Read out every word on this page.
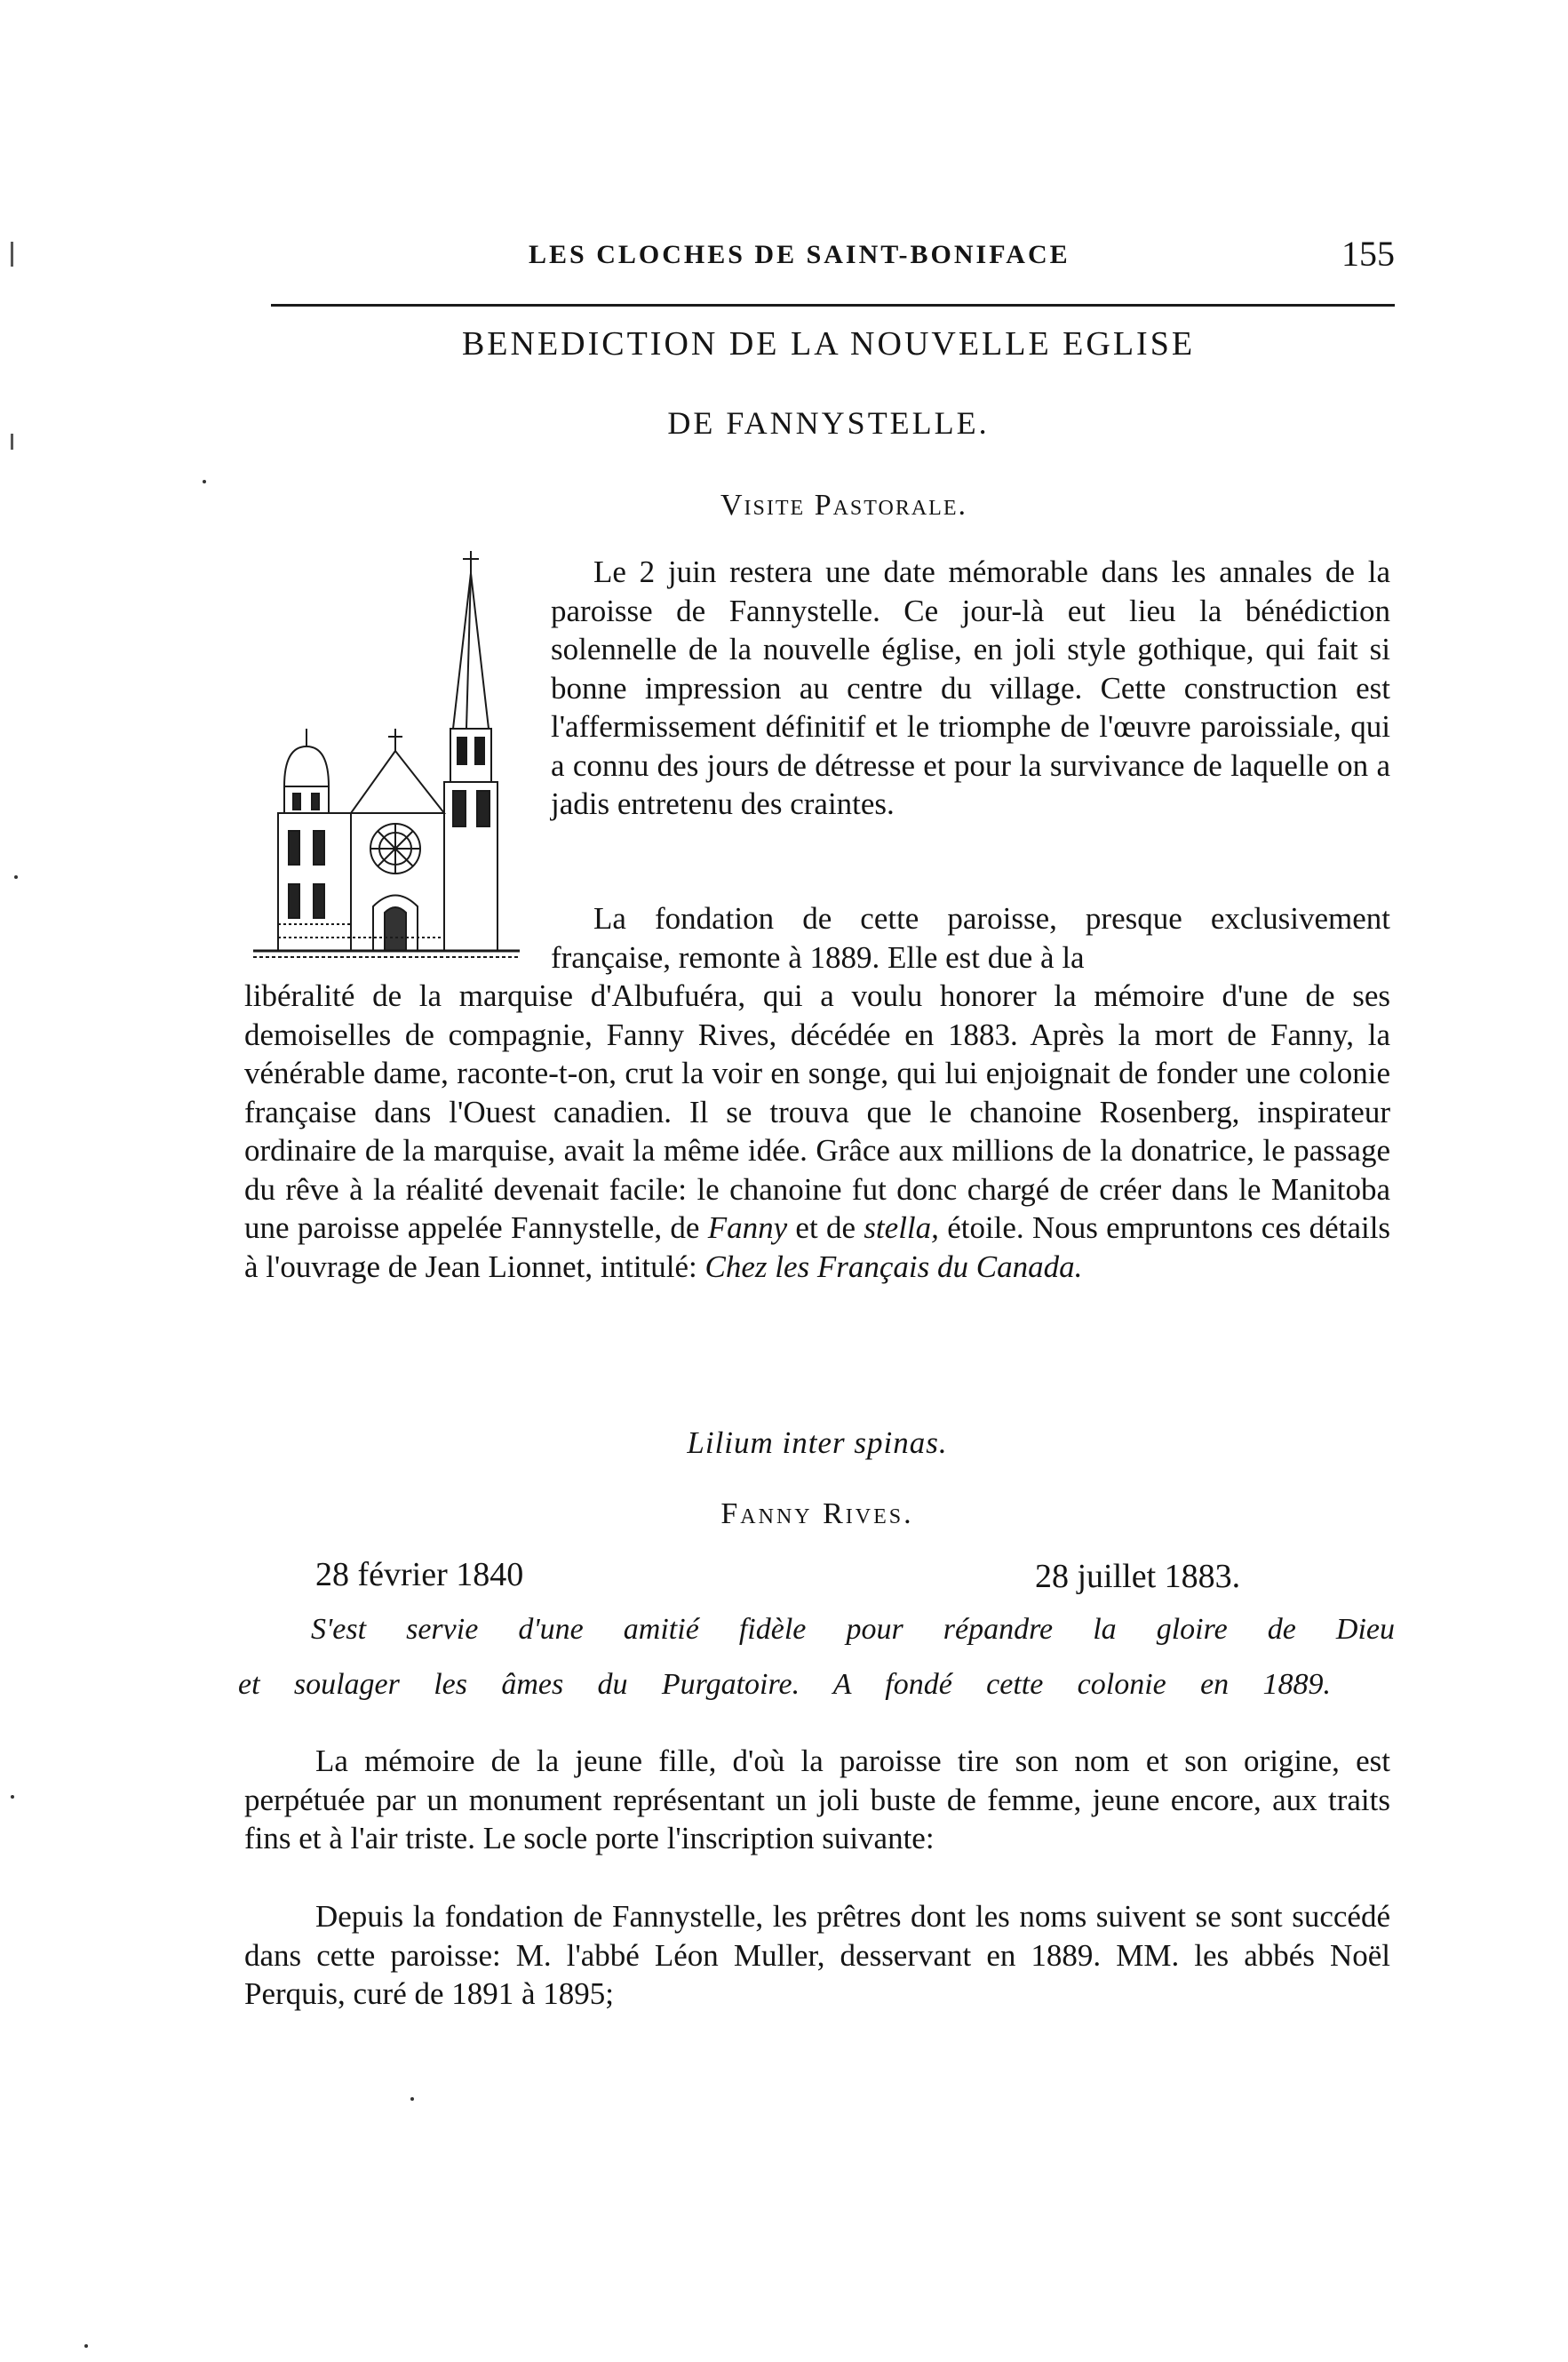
LES CLOCHES DE SAINT-BONIFACE	155
BENEDICTION DE LA NOUVELLE EGLISE
DE FANNYSTELLE.
Visite Pastorale.

Le 2 juin restera une date mémorable dans les annales de la paroisse de Fannystelle. Ce jour-là eut lieu la bénédiction solennelle de la nouvelle église, en joli style gothique, qui fait si bonne impression au centre du village. Cette construction est l'affermissement définitif et le triomphe de l'œuvre paroissiale, qui a connu des jours de détresse et pour la survivance de laquelle on a jadis entretenu des craintes.

La fondation de cette paroisse, presque exclusivement française, remonte à 1889. Elle est due à la

libéralité de la marquise d'Albufuéra, qui a voulu honorer la mémoire d'une de ses demoiselles de compagnie, Fanny Rives, décédée en 1883. Après la mort de Fanny, la vénérable dame, raconte-t-on, crut la voir en songe, qui lui enjoignait de fonder une colonie française dans l'Ouest canadien. Il se trouva que le chanoine Rosenberg, inspirateur ordinaire de la marquise, avait la même idée. Grâce aux millions de la donatrice, le passage du rêve à la réalité devenait facile: le chanoine fut donc chargé de créer dans le Manitoba une paroisse appelée Fannystelle, de Fanny et de stella, étoile. Nous empruntons ces détails à l'ouvrage de Jean Lionnet, intitulé: Chez les Français du Canada.

Lilium inter spinas.
Fanny Rives.
28 février 1840	28 juillet 1883.

S'est servie d'une amitié fidèle pour répandre la gloire de Dieu

et soulager les âmes du Purgatoire. A fondé cette colonie en 1889.

La mémoire de la jeune fille, d'où la paroisse tire son nom et son origine, est perpétuée par un monument représentant un joli buste de femme, jeune encore, aux traits fins et à l'air triste. Le socle porte l'inscription suivante:

Depuis la fondation de Fannystelle, les prêtres dont les noms suivent se sont succédé dans cette paroisse: M. l'abbé Léon Muller, desservant en 1889. MM. les abbés Noël Perquis, curé de 1891 à 1895;
